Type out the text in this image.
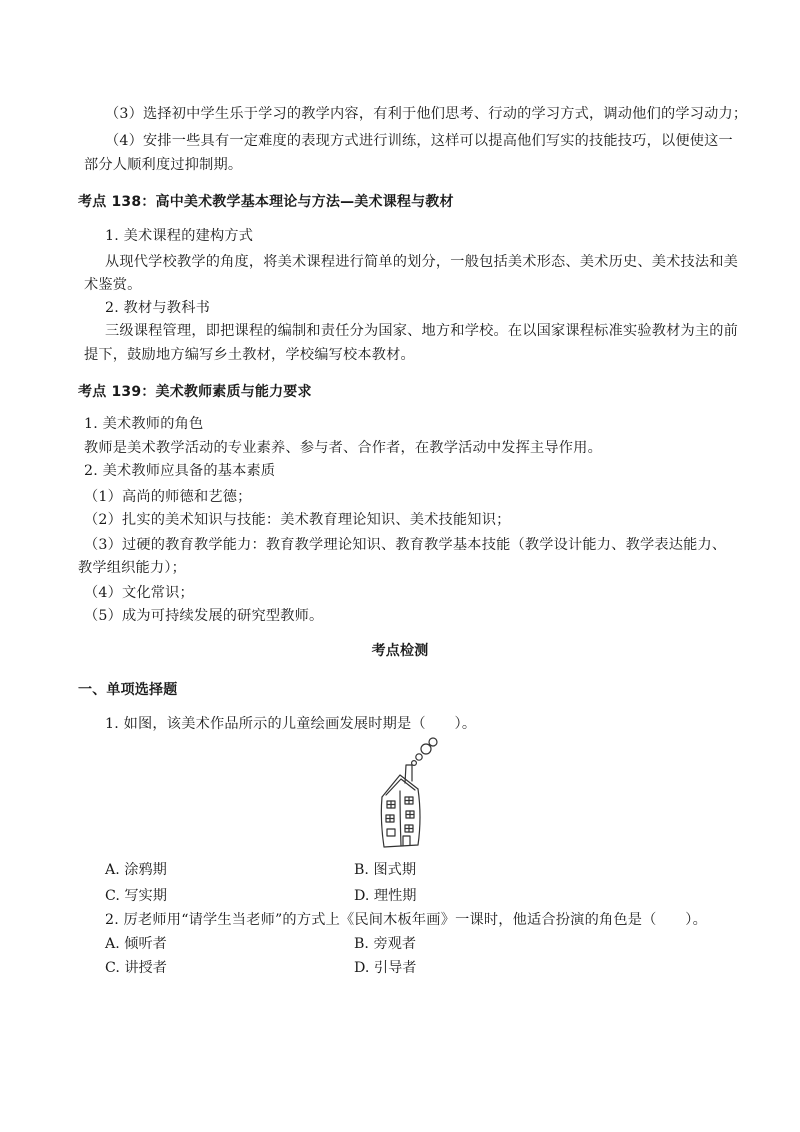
（3）选择初中学生乐于学习的教学内容，有利于他们思考、行动的学习方式，调动他们的学习动力；
（4）安排一些具有一定难度的表现方式进行训练，这样可以提高他们写实的技能技巧，以便使这一
部分人顺利度过抑制期。
考点 138：高中美术教学基本理论与方法—美术课程与教材
1. 美术课程的建构方式
从现代学校教学的角度，将美术课程进行简单的划分，一般包括美术形态、美术历史、美术技法和美
术鉴赏。
2. 教材与教科书
三级课程管理，即把课程的编制和责任分为国家、地方和学校。在以国家课程标准实验教材为主的前
提下，鼓励地方编写乡土教材，学校编写校本教材。
考点 139：美术教师素质与能力要求
1. 美术教师的角色
教师是美术教学活动的专业素养、参与者、合作者，在教学活动中发挥主导作用。
2. 美术教师应具备的基本素质
（1）高尚的师德和艺德；
（2）扎实的美术知识与技能：美术教育理论知识、美术技能知识；
（3）过硬的教育教学能力：教育教学理论知识、教育教学基本技能（教学设计能力、教学表达能力、
教学组织能力）；
（4）文化常识；
（5）成为可持续发展的研究型教师。
考点检测
一、单项选择题
1. 如图，该美术作品所示的儿童绘画发展时期是（　　）。
A. 涂鸦期	B. 图式期
C. 写实期	D. 理性期
2. 厉老师用“请学生当老师”的方式上《民间木板年画》一课时，他适合扮演的角色是（　　）。
A. 倾听者	B. 旁观者
C. 讲授者	D. 引导者
